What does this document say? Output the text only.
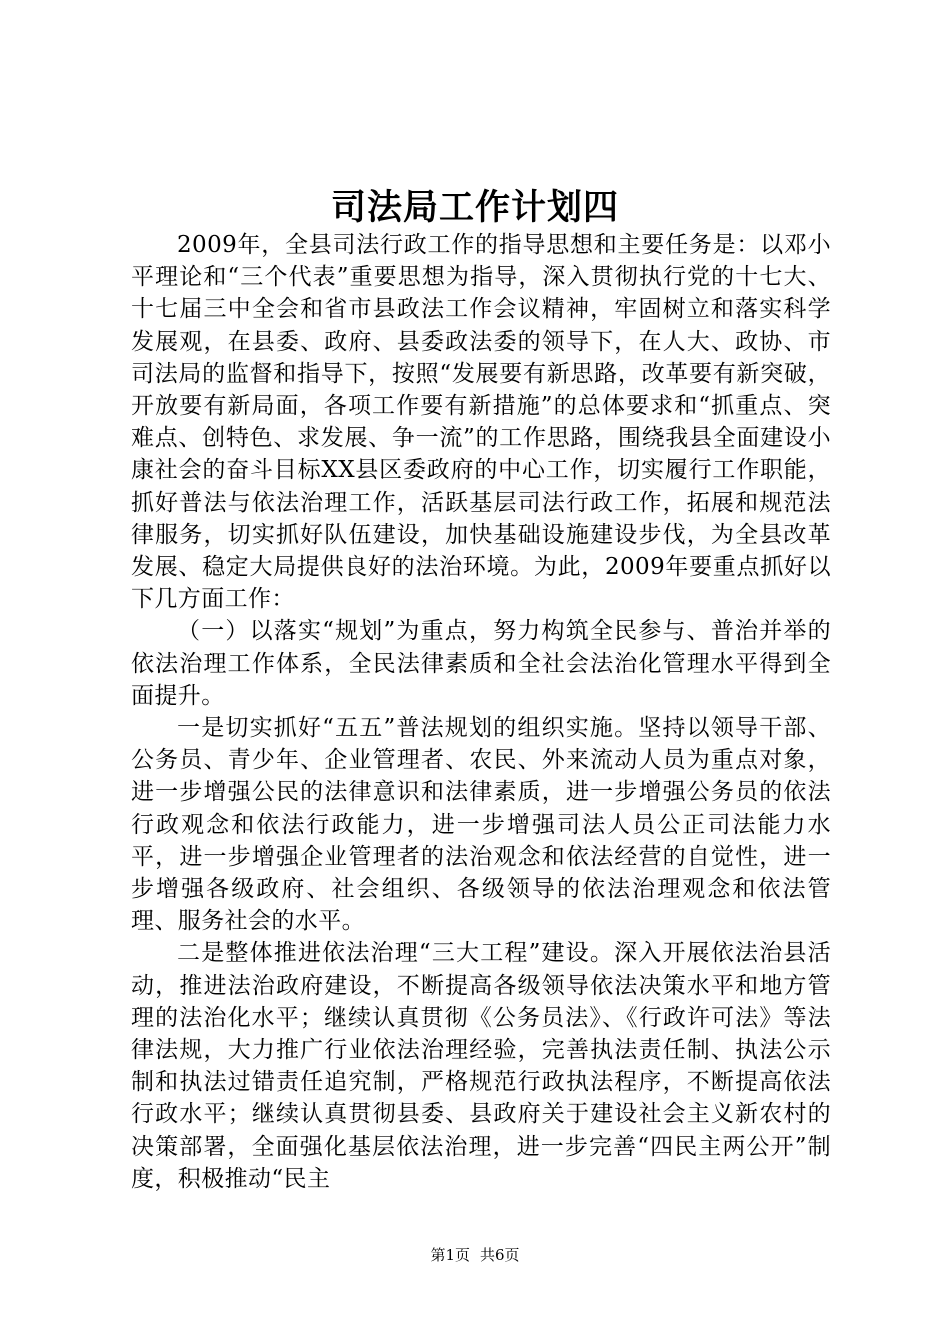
司法局工作计划四

2009年，全县司法行政工作的指导思想和主要任务是：以邓小平理论和“三个代表”重要思想为指导，深入贯彻执行党的十七大、十七届三中全会和省市县政法工作会议精神，牢固树立和落实科学发展观，在县委、政府、县委政法委的领导下，在人大、政协、市司法局的监督和指导下，按照“发展要有新思路，改革要有新突破，开放要有新局面，各项工作要有新措施”的总体要求和“抓重点、突难点、创特色、求发展、争一流”的工作思路，围绕我县全面建设小康社会的奋斗目标XX县区委政府的中心工作，切实履行工作职能，抓好普法与依法治理工作，活跃基层司法行政工作，拓展和规范法律服务，切实抓好队伍建设，加快基础设施建设步伐，为全县改革发展、稳定大局提供良好的法治环境。为此，2009年要重点抓好以下几方面工作：

（一）以落实“规划”为重点，努力构筑全民参与、普治并举的依法治理工作体系，全民法律素质和全社会法治化管理水平得到全面提升。

一是切实抓好“五五”普法规划的组织实施。坚持以领导干部、公务员、青少年、企业管理者、农民、外来流动人员为重点对象，进一步增强公民的法律意识和法律素质，进一步增强公务员的依法行政观念和依法行政能力，进一步增强司法人员公正司法能力水平，进一步增强企业管理者的法治观念和依法经营的自觉性，进一步增强各级政府、社会组织、各级领导的依法治理观念和依法管理、服务社会的水平。

二是整体推进依法治理“三大工程”建设。深入开展依法治县活动，推进法治政府建设，不断提高各级领导依法决策水平和地方管理的法治化水平；继续认真贯彻《公务员法》、《行政许可法》等法律法规，大力推广行业依法治理经验，完善执法责任制、执法公示制和执法过错责任追究制，严格规范行政执法程序，不断提高依法行政水平；继续认真贯彻县委、县政府关于建设社会主义新农村的决策部署，全面强化基层依法治理，进一步完善“四民主两公开”制度，积极推动“民主

第1页 共6页
